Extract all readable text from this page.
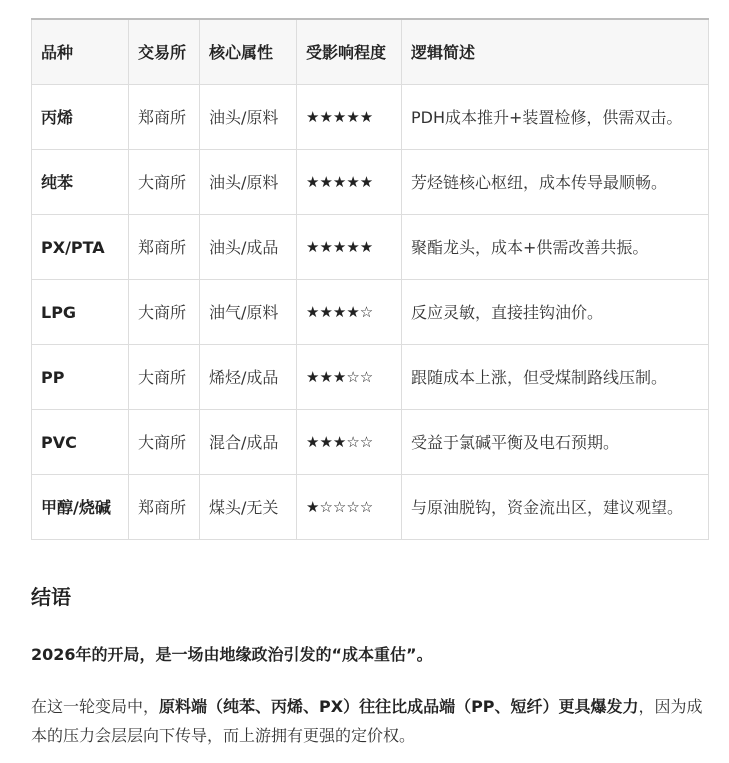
品种	交易所	核心属性	受影响程度	逻辑简述
丙烯	郑商所	油头/原料	★★★★★	PDH成本推升+装置检修，供需双击。
纯苯	大商所	油头/原料	★★★★★	芳烃链核心枢纽，成本传导最顺畅。
PX/PTA	郑商所	油头/成品	★★★★★	聚酯龙头，成本+供需改善共振。
LPG	大商所	油气/原料	★★★★☆	反应灵敏，直接挂钩油价。
PP	大商所	烯烃/成品	★★★☆☆	跟随成本上涨，但受煤制路线压制。
PVC	大商所	混合/成品	★★★☆☆	受益于氯碱平衡及电石预期。
甲醇/烧碱	郑商所	煤头/无关	★☆☆☆☆	与原油脱钩，资金流出区，建议观望。
结语

2026年的开局，是一场由地缘政治引发的“成本重估”。

在这一轮变局中，原料端（纯苯、丙烯、PX）往往比成品端（PP、短纤）更具爆发力，因为成本的压力会层层向下传导，而上游拥有更强的定价权。
